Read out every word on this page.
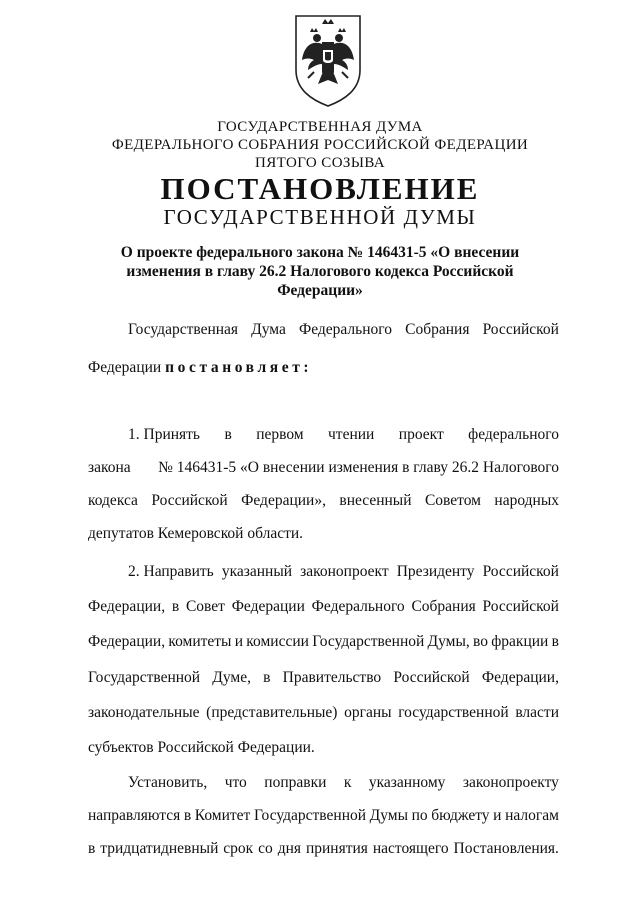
ГОСУДАРСТВЕННАЯ ДУМА
ФЕДЕРАЛЬНОГО СОБРАНИЯ РОССИЙСКОЙ ФЕДЕРАЦИИ
ПЯТОГО СОЗЫВА
ПОСТАНОВЛЕНИЕ
ГОСУДАРСТВЕННОЙ ДУМЫ
О проекте федерального закона № 146431-5 «О внесении
изменения в главу 26.2 Налогового кодекса Российской
Федерации»
Государственная Дума Федерального Собрания Российской
Федерации постановляет:
1. Принять в первом чтении проект федерального
закона № 146431-5 «О внесении изменения в главу 26.2 Налогового
кодекса Российской Федерации», внесенный Советом народных
депутатов Кемеровской области.
2. Направить указанный законопроект Президенту Российской
Федерации, в Совет Федерации Федерального Собрания Российской
Федерации, комитеты и комиссии Государственной Думы, во фракции в
Государственной Думе, в Правительство Российской Федерации,
законодательные (представительные) органы государственной власти
субъектов Российской Федерации.
Установить, что поправки к указанному законопроекту
направляются в Комитет Государственной Думы по бюджету и налогам
в тридцатидневный срок со дня принятия настоящего Постановления.
